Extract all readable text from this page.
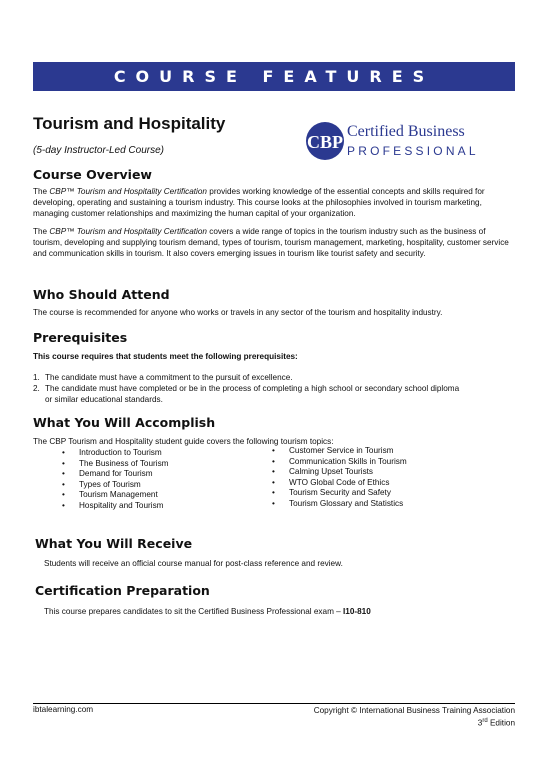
COURSE FEATURES
Tourism and Hospitality
(5-day Instructor-Led Course)	CBP
Certified Business
PROFESSIONAL
Course Overview

The CBP™ Tourism and Hospitality Certification provides working knowledge of the essential concepts and skills required for developing, operating and sustaining a tourism industry. This course looks at the philosophies involved in tourism marketing, managing customer relationships and maximizing the human capital of your organization.

The CBP™ Tourism and Hospitality Certification covers a wide range of topics in the tourism industry such as the business of tourism, developing and supplying tourism demand, types of tourism, tourism management, marketing, hospitality, customer service and communication skills in tourism. It also covers emerging issues in tourism like tourist safety and security.

Who Should Attend

The course is recommended for anyone who works or travels in any sector of the tourism and hospitality industry.

Prerequisites

This course requires that students meet the following prerequisites:

1. The candidate must have a commitment to the pursuit of excellence.
2. The candidate must have completed or be in the process of completing a high school or secondary school diploma or similar educational standards.
What You Will Accomplish

The CBP Tourism and Hospitality student guide covers the following tourism topics:

• Introduction to Tourism
• The Business of Tourism
• Demand for Tourism
• Types of Tourism
• Tourism Management
• Hospitality and Tourism
• Customer Service in Tourism
• Communication Skills in Tourism
• Calming Upset Tourists
• WTO Global Code of Ethics
• Tourism Security and Safety
• Tourism Glossary and Statistics
What You Will Receive

Students will receive an official course manual for post-class reference and review.

Certification Preparation

This course prepares candidates to sit the Certified Business Professional exam – I10-810

ibtalearning.com	Copyright © International Business Training Association
3rd Edition
